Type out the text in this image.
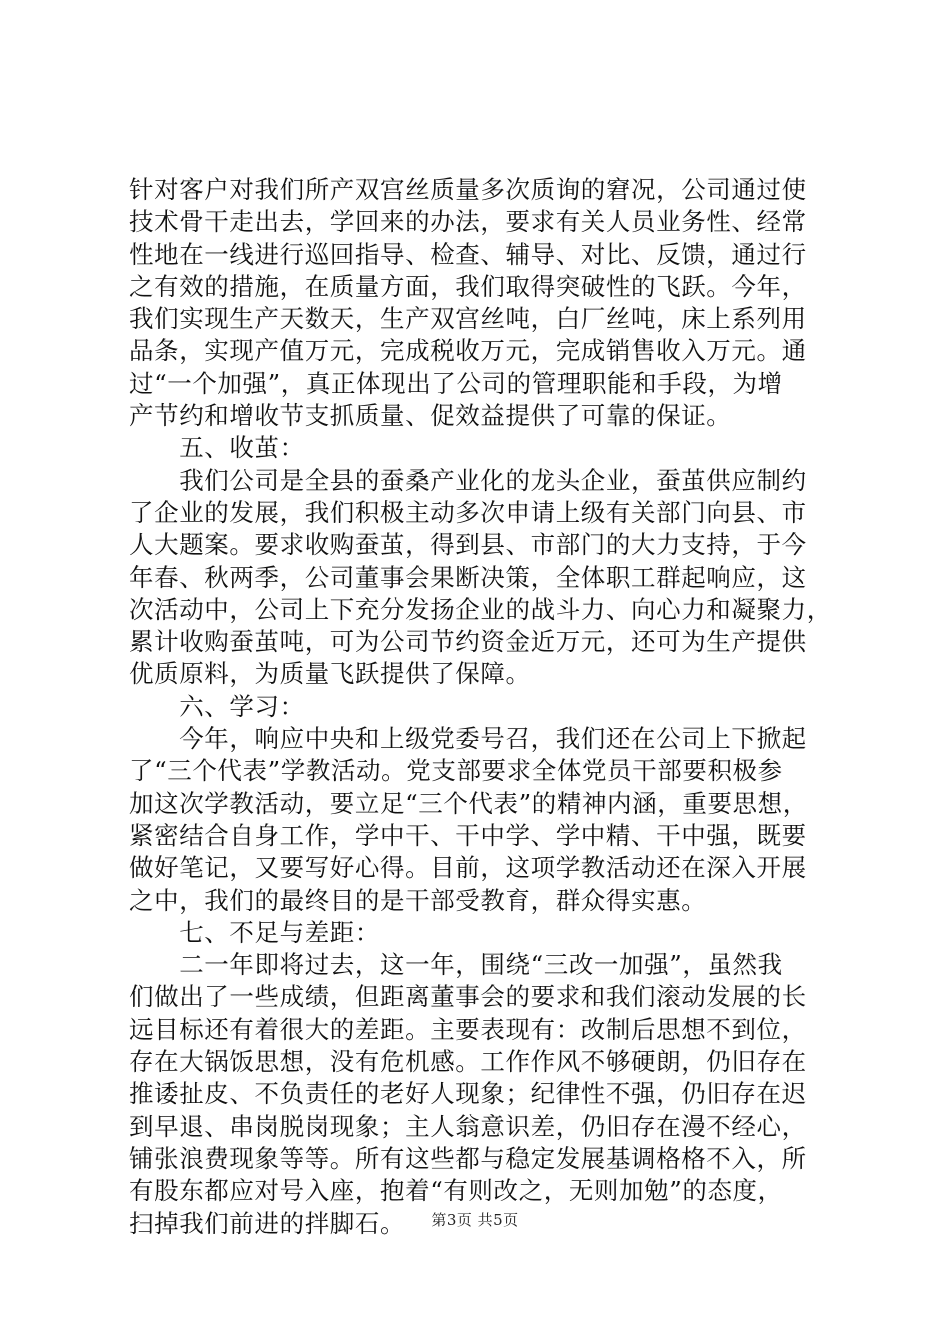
针对客户对我们所产双宫丝质量多次质询的窘况，公司通过使
技术骨干走出去，学回来的办法，要求有关人员业务性、经常
性地在一线进行巡回指导、检查、辅导、对比、反馈，通过行
之有效的措施，在质量方面，我们取得突破性的飞跃。今年，
我们实现生产天数天，生产双宫丝吨，白厂丝吨，床上系列用
品条，实现产值万元，完成税收万元，完成销售收入万元。通
过“一个加强”，真正体现出了公司的管理职能和手段，为增
产节约和增收节支抓质量、促效益提供了可靠的保证。
　　五、收茧：
　　我们公司是全县的蚕桑产业化的龙头企业，蚕茧供应制约
了企业的发展，我们积极主动多次申请上级有关部门向县、市
人大题案。要求收购蚕茧，得到县、市部门的大力支持，于今
年春、秋两季，公司董事会果断决策，全体职工群起响应，这
次活动中，公司上下充分发扬企业的战斗力、向心力和凝聚力，
累计收购蚕茧吨，可为公司节约资金近万元，还可为生产提供
优质原料，为质量飞跃提供了保障。
　　六、学习：
　　今年，响应中央和上级党委号召，我们还在公司上下掀起
了“三个代表”学教活动。党支部要求全体党员干部要积极参
加这次学教活动，要立足“三个代表”的精神内涵，重要思想，
紧密结合自身工作，学中干、干中学、学中精、干中强，既要
做好笔记，又要写好心得。目前，这项学教活动还在深入开展
之中，我们的最终目的是干部受教育，群众得实惠。
　　七、不足与差距：
　　二一年即将过去，这一年，围绕“三改一加强”，虽然我
们做出了一些成绩，但距离董事会的要求和我们滚动发展的长
远目标还有着很大的差距。主要表现有：改制后思想不到位，
存在大锅饭思想，没有危机感。工作作风不够硬朗，仍旧存在
推诿扯皮、不负责任的老好人现象；纪律性不强，仍旧存在迟
到早退、串岗脱岗现象；主人翁意识差，仍旧存在漫不经心，
铺张浪费现象等等。所有这些都与稳定发展基调格格不入，所
有股东都应对号入座，抱着“有则改之，无则加勉”的态度，
扫掉我们前进的拌脚石。	第3页 共5页
